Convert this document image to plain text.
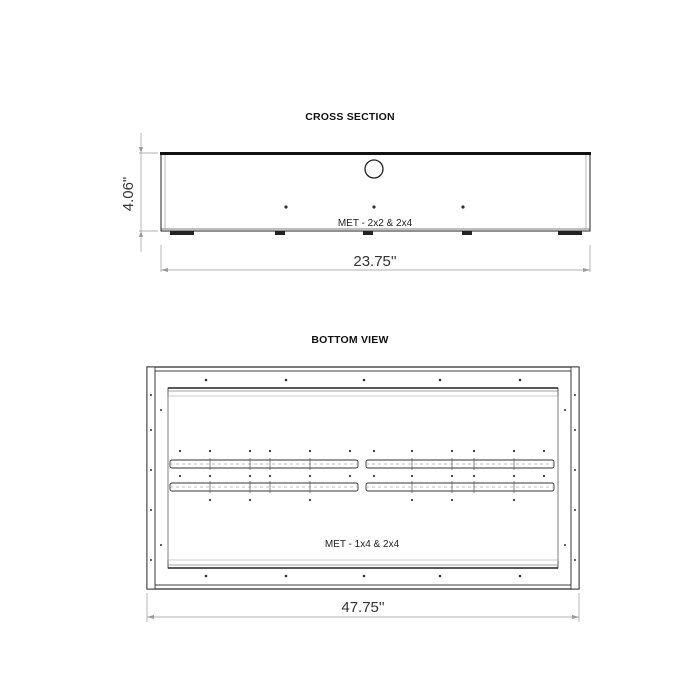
CROSS SECTION
BOTTOM VIEW
MET - 2x2 & 2x4
4.06"
23.75''
MET - 1x4 & 2x4
47.75''
